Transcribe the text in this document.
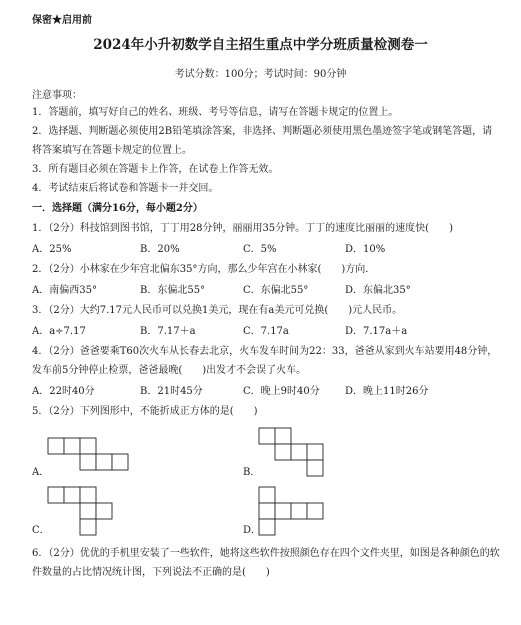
保密★启用前
2024年小升初数学自主招生重点中学分班质量检测卷一
考试分数：100分；考试时间：90分钟
注意事项：
1．答题前，填写好自己的姓名、班级、考号等信息，请写在答题卡规定的位置上。
2．选择题、判断题必须使用2B铅笔填涂答案，非选择、判断题必须使用黑色墨迹签字笔或钢笔答题，请
将答案填写在答题卡规定的位置上。
3．所有题目必须在答题卡上作答，在试卷上作答无效。
4．考试结束后将试卷和答题卡一并交回。
一．选择题（满分16分，每小题2分）
1．（2分）科技馆到图书馆，丁丁用28分钟，丽丽用35分钟。丁丁的速度比丽丽的速度快(　　)
A．25%	B．20%	C．5%	D．10%
2．（2分）小林家在少年宫北偏东35°方向，那么少年宫在小林家(　　)方向．
A．南偏西35°	B．东偏北55°	C．东偏北55°	D．东偏北35°
3．（2分）大约7.17元人民币可以兑换1美元，现在有a美元可兑换(　　)元人民币。
A．a÷7.17	B．7.17＋a	C．7.17a	D．7.17a＋a
4．（2分）爸爸要乘T60次火车从长春去北京，火车发车时间为22：33，爸爸从家到火车站要用48分钟，
发车前5分钟停止检票，爸爸最晚(　　)出发才不会误了火车。
A．22时40分	B．21时45分	C．晚上9时40分	D．晚上11时26分
5．（2分）下列图形中，不能折成正方体的是(　　)
A．	B．
C．	D．
6．（2分）优优的手机里安装了一些软件，她将这些软件按照颜色存在四个文件夹里，如图是各种颜色的软
件数量的占比情况统计图，下列说法不正确的是(　　)
